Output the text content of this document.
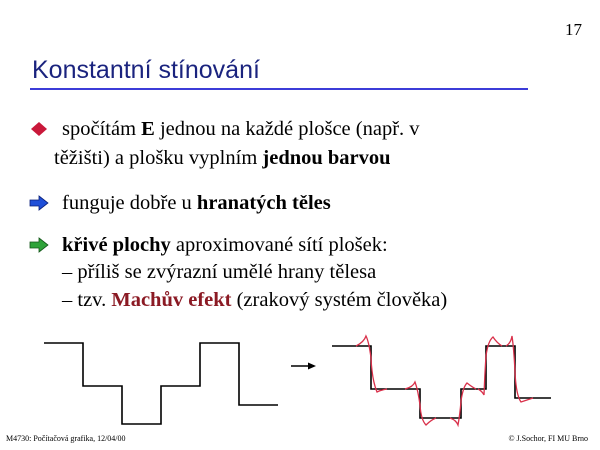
17
Konstantní stínování
spočítám E jednou na každé plošce (např. v
těžišti) a plošku vyplním jednou barvou
funguje dobře u hranatých těles
křivé plochy aproximované sítí plošek:
– příliš se zvýrazní umělé hrany tělesa
– tzv. Machův efekt (zrakový systém člověka)
M4730: Počítačová grafika, 12/04/00	© J.Sochor, FI MU Brno
